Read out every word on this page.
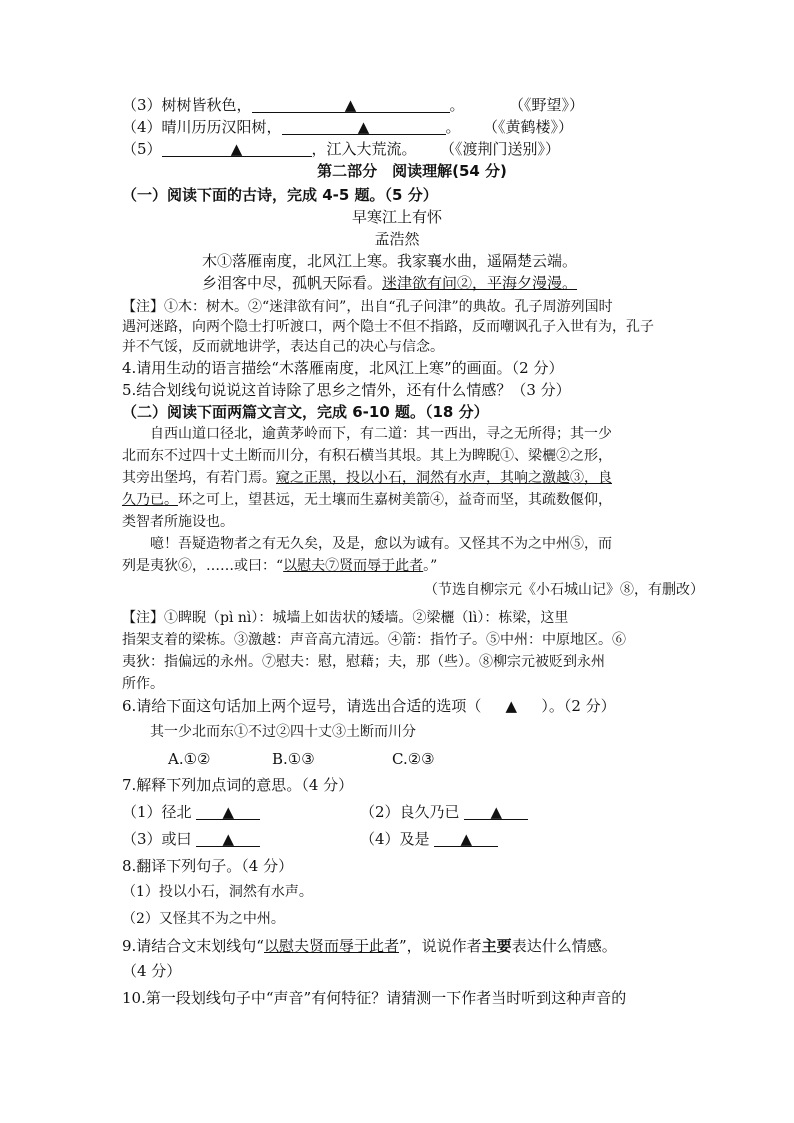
（3）树树皆秋色，	▲	。	（《野望》）
（4）晴川历历汉阳树，	▲	。 （《黄鹤楼》）
（5）	▲	，江入大荒流。 （《渡荆门送别》）
第二部分　阅读理解(54 分)
（一）阅读下面的古诗，完成 4-5 题。（5 分）
早寒江上有怀
孟浩然
木①落雁南度，北风江上寒。我家襄水曲，遥隔楚云端。
乡泪客中尽，孤帆天际看。迷津欲有问②，平海夕漫漫。
【注】①木：树木。②“迷津欲有问”，出自“孔子问津”的典故。孔子周游列国时
遇河迷路，向两个隐士打听渡口，两个隐士不但不指路，反而嘲讽孔子入世有为，孔子
并不气馁，反而就地讲学，表达自己的决心与信念。
4.请用生动的语言描绘“木落雁南度，北风江上寒”的画面。（2 分）
5.结合划线句说说这首诗除了思乡之情外，还有什么情感？（3 分）
（二）阅读下面两篇文言文，完成 6-10 题。（18 分）
自西山道口径北，逾黄茅岭而下，有二道：其一西出，寻之无所得；其一少
北而东不过四十丈土断而川分，有积石横当其垠。其上为睥睨①、梁欐②之形，
其旁出堡坞，有若门焉。窥之正黑，投以小石，洞然有水声，其响之激越③，良
久乃已。环之可上，望甚远，无土壤而生嘉树美箭④，益奇而坚，其疏数偃仰，
类智者所施设也。
噫！吾疑造物者之有无久矣，及是，愈以为诚有。又怪其不为之中州⑤，而
列是夷狄⑥，……或曰：“以慰夫⑦贤而辱于此者。”
（节选自柳宗元《小石城山记》⑧，有删改）
【注】①睥睨（pì nì）：城墙上如齿状的矮墙。②梁欐（lì）：栋梁，这里
指架支着的梁栋。③激越：声音高亢清远。④箭：指竹子。⑤中州：中原地区。⑥
夷狄：指偏远的永州。⑦慰夫：慰，慰藉；夫，那（些）。⑧柳宗元被贬到永州
所作。
6.请给下面这句话加上两个逗号，请选出合适的选项（ ▲ ）。（2 分）
其一少北而东①不过②四十丈③土断而川分
A.①②	B.①③	C.②③
7.解释下列加点词的意思。（4 分）
（1）径北 ▲	（2）良久乃已 ▲
（3）或曰 ▲	（4）及是 ▲
8.翻译下列句子。（4 分）
（1）投以小石，洞然有水声。
（2）又怪其不为之中州。
9.请结合文末划线句“以慰夫贤而辱于此者”，说说作者主要表达什么情感。
（4 分）
10.第一段划线句子中“声音”有何特征？请猜测一下作者当时听到这种声音的
